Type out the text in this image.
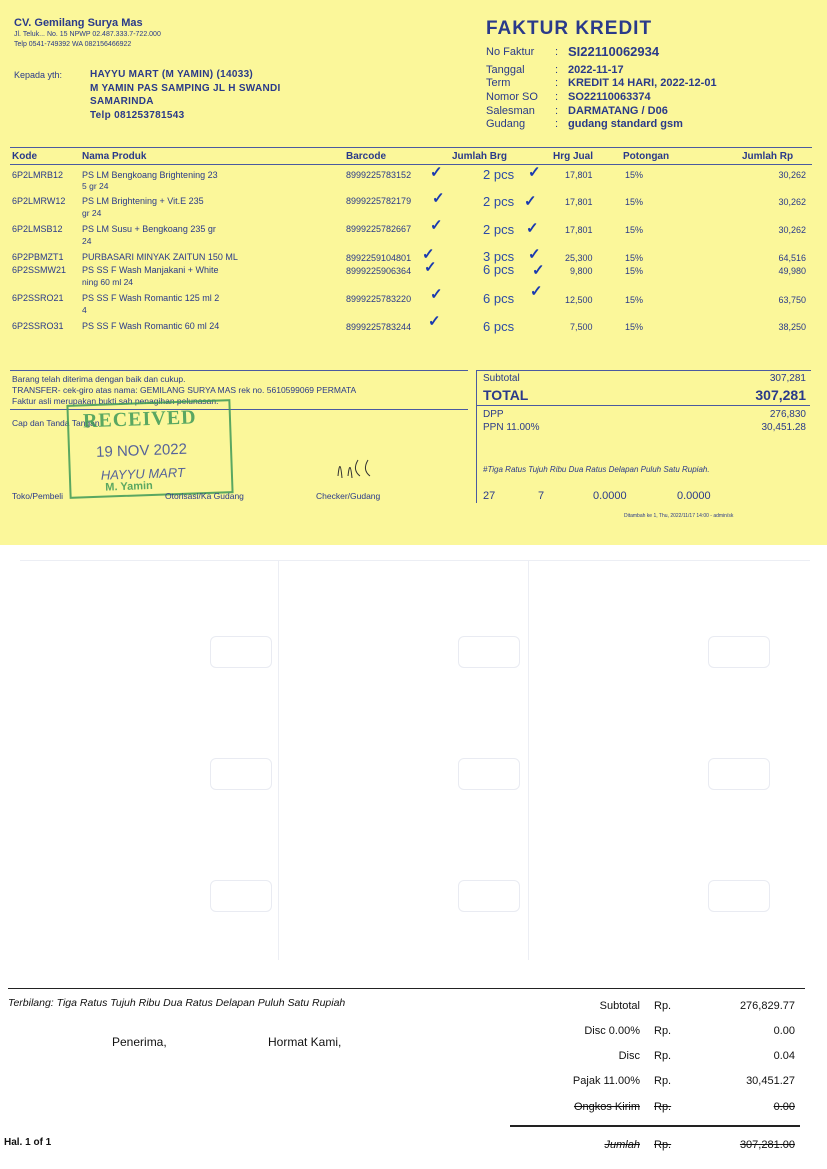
CV. Gemilang Surya Mas
Jl. Teluk... No. 15 NPWP 02.487.333.7-722.000
Telp 0541-749392 WA 082156466922
Kepada yth:	HAYYU MART (M YAMIN) (14033)
M YAMIN PAS SAMPING JL H SWANDI
SAMARINDA
Telp 081253781543
FAKTUR KREDIT
No Faktur : SI22110062934
Tanggal	: 2022-11-17
Term	: KREDIT 14 HARI, 2022-12-01
Nomor SO : SO22110063374
Salesman : DARMATANG / D06
Gudang	: gudang standard gsm
Kode	Nama Produk	Barcode	Jumlah Brg	Hrg Jual	Potongan	Jumlah Rp
6P2LMRB12 PS LM Bengkoang Brightening 23
5 gr 24
8999225783152 ✓	2 pcs ✓	17,801	15%	30,262
6P2LMRW12 PS LM Brightening + Vit.E 235
gr 24
8999225782179 ✓	2 pcs ✓	17,801	15%	30,262
6P2LMSB12 PS LM Susu + Bengkoang 235 gr
24
8999225782667 ✓	2 pcs ✓	17,801	15%	30,262
6P2PBMZT1 PURBASARI MINYAK ZAITUN 150 ML	8992259104801 ✓	3 pcs ✓	25,300	15%	64,516
6P2SSMW21 PS SS F Wash Manjakani + White
ning 60 ml 24
8999225906364 ✓	6 pcs ✓	9,800	15%	49,980
6P2SSRO21 PS SS F Wash Romantic 125 ml 2
4
8999225783220 ✓	6 pcs ✓ 12,500	15%	63,750
6P2SSRO31 PS SS F Wash Romantic 60 ml 24	8999225783244 ✓	6 pcs	7,500	15%	38,250
Barang telah diterima dengan baik dan cukup.
TRANSFER- cek-giro atas nama: GEMILANG SURYA MAS rek no. 5610599069 PERMATA
Faktur asli merupakan bukti sah penagihan pelunasan.
Cap dan Tanda Tangan
RECEIVED
19 NOV 2022
HAYYU MART
M. Yamin
Toko/Pembeli	Otorisasi/Ka Gudang	Checker/Gudang
Subtotal	307,281
TOTAL	307,281
DPP	276,830
PPN 11.00%	30,451.28
#Tiga Ratus Tujuh Ribu Dua Ratus Delapan Puluh Satu Rupiah.
27	7	0.0000	0.0000
Ditambah ke 1, Thu, 2022/11/17 14:00 - admin/sk
Terbilang: Tiga Ratus Tujuh Ribu Dua Ratus Delapan Puluh Satu Rupiah
Penerima,	Hormat Kami,
Hal. 1 of 1
Subtotal Rp.	276,829.77
Disc 0.00% Rp.	0.00
Disc Rp.	0.04
Pajak 11.00% Rp.	30,451.27
Ongkos Kirim Rp.	0.00
Jumlah Rp.	307,281.00
